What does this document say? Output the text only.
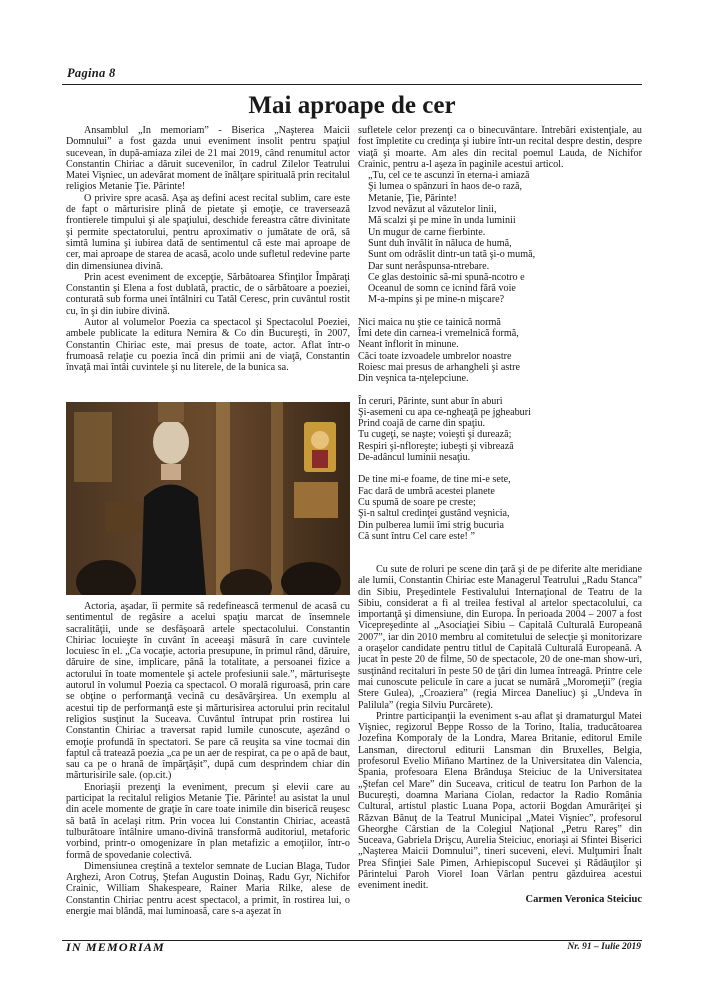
Pagina 8
Mai aproape de cer

Ansamblul „In memoriam” - Biserica „Naşterea Maicii Domnului” a fost gazda unui eveniment insolit pentru spaţiul sucevean, în după-amiaza zilei de 21 mai 2019, când renumitul actor Constantin Chiriac a dăruit sucevenilor, în cadrul Zilelor Teatrului Matei Vişniec, un adevărat moment de înălţare spirituală prin recitalul religios Metanie Ţie. Părinte!

O privire spre acasă. Aşa aş defini acest recital sublim, care este de fapt o mărturisire plină de pietate şi emoţie, ce traversează frontierele timpului şi ale spaţiului, deschide fereastra către divinitate şi permite spectatorului, pentru aproximativ o jumătate de oră, să simtă lumina şi iubirea dată de sentimentul că este mai aproape de cer, mai aproape de starea de acasă, acolo unde sufletul redevine parte din dimensiunea divină.

Prin acest eveniment de excepţie, Sărbătoarea Sfinţilor Împăraţi Constantin şi Elena a fost dublată, practic, de o sărbătoare a poeziei, conturată sub forma unei întâlniri cu Tatăl Ceresc, prin cuvântul rostit cu, în şi din iubire divină.

Autor al volumelor Poezia ca spectacol şi Spectacolul Poeziei, ambele publicate la editura Nemira & Co din Bucureşti, în 2007, Constantin Chiriac este, mai presus de toate, actor. Aflat într-o frumoasă relaţie cu poezia încă din primii ani de viaţă, Constantin învaţă mai întâi cuvintele şi nu literele, de la bunica sa.

Actoria, aşadar, îi permite să redefinească termenul de acasă cu sentimentul de regăsire a acelui spaţiu marcat de însemnele sacralităţii, unde se desfăşoară artele spectacolului. Constantin Chiriac locuieşte în cuvânt în aceeaşi măsură în care cuvintele locuiesc în el. „Ca vocaţie, actoria presupune, în primul rând, dăruire, dăruire de sine, implicare, până la totalitate, a persoanei fizice a actorului în toate momentele şi actele profesiunii sale.”, mărturiseşte autorul în volumul Poezia ca spectacol. O morală riguroasă, prin care se obţine o performanţă vecină cu desăvârşirea. Un exemplu al acestui tip de performanţă este şi mărturisirea actorului prin recitalul religios susţinut la Suceava. Cuvântul întrupat prin rostirea lui Constantin Chiriac a traversat rapid lumile cunoscute, aşezând o emoţie profundă în spectatori. Se pare că reuşita sa vine tocmai din faptul că tratează poezia „ca pe un aer de respirat, ca pe o apă de baut, sau ca pe o hrană de împărţăşit”, după cum desprindem chiar din mărturisirile sale. (op.cit.)

Enoriaşii prezenţi la eveniment, precum şi elevii care au participat la recitalul religios Metanie Ţie. Părinte! au asistat la unul din acele momente de graţie în care toate inimile din biserică reuşesc să bată în acelaşi ritm. Prin vocea lui Constantin Chiriac, această tulburătoare întâlnire umano-divină transformă auditoriul, metaforic vorbind, printr-o omogenizare în plan metafizic a emoţiilor, într-o formă de spovedanie colectivă.

Dimensiunea creştină a textelor semnate de Lucian Blaga, Tudor Arghezi, Aron Cotruş, Ştefan Augustin Doinaş, Radu Gyr, Nichifor Crainic, William Shakespeare, Rainer Maria Rilke, alese de Constantin Chiriac pentru acest spectacol, a primit, în rostirea lui, o energie mai blândă, mai luminoasă, care s-a aşezat în

sufletele celor prezenţi ca o binecuvântare. Întrebări existenţiale, au fost împletite cu credinţa şi iubire într-un recital despre destin, despre viaţă şi moarte. Am ales din recital poemul Lauda, de Nichifor Crainic, pentru a-l aşeza în paginile acestui articol.

„Tu, cel ce te ascunzi în eterna-i amiază
Şi lumea o spânzuri în haos de-o rază,
Metanie, Ţie, Părinte!
Izvod nevăzut al văzutelor linii,
Mă scalzi şi pe mine în unda luminii
Un mugur de carne fierbinte.
Sunt duh învălit în năluca de humă,
Sunt om odrăslit dintr-un tată şi-o mumă,
Dar sunt neråspunsa-ntrebare.
Ce glas destoinic să-mi spună-ncotro e
Oceanul de somn ce icnind fără voie
M-a-mpins şi pe mine-n mişcare?

Nici maica nu ştie ce tainică normă
Îmi dete din carnea-i vremelnică formă,
Neant înflorit în minune.
Căci toate izvoadele umbrelor noastre
Roiesc mai presus de arhangheli şi astre
Din veşnica ta-nţelepciune.

În ceruri, Părinte, sunt abur în aburi
Şi-asemeni cu apa ce-ngheaţă pe jgheaburi
Prind coajă de carne din spaţiu.
Tu cugeţi, se naşte; voieşti şi durează;
Respiri şi-nfloreşte; iubeşti şi vibrează
De-adâncul luminii nesaţiu.

De tine mi-e foame, de tine mi-e sete,
Fac dară de umbră acestei planete
Cu spumă de soare pe creste;
Şi-n saltul credinţei gustând veşnicia,
Din pulberea lumii îmi strig bucuria
Că sunt întru Cel care este! ”

Cu sute de roluri pe scene din ţară şi de pe diferite alte meridiane ale lumii, Constantin Chiriac este Managerul Teatrului „Radu Stanca” din Sibiu, Preşedintele Festivalului Internaţional de Teatru de la Sibiu, considerat a fi al treilea festival al artelor spectacolului, ca importanţă şi dimensiune, din Europa. În perioada 2004 – 2007 a fost Vicepreşedinte al „Asociaţiei Sibiu – Capitală Culturală Europeană 2007”, iar din 2010 membru al comitetului de selecţie şi monitorizare a oraşelor candidate pentru titlul de Capitală Culturală Europeană. A jucat în peste 20 de filme, 50 de spectacole, 20 de one-man show-uri, susţinând recitaluri în peste 50 de ţări din lumea întreagă. Printre cele mai cunoscute pelicule în care a jucat se numără „Moromeţii” (regia Stere Gulea), „Croaziera” (regia Mircea Daneliuc) şi „Undeva în Palilula” (regia Silviu Purcărete).

Printre participanţii la eveniment s-au aflat şi dramaturgul Matei Vişniec, regizorul Beppe Rosso de la Torino, Italia, traducătoarea Jozefina Komporaly de la Londra, Marea Britanie, editorul Emile Lansman, directorul editurii Lansman din Bruxelles, Belgia, profesorul Evelio Miñano Martinez de la Universitatea din Valencia, Spania, profesoara Elena Brânduşa Steiciuc de la Universitatea „Ştefan cel Mare” din Suceava, criticul de teatru Ion Parhon de la Bucureşti, doamna Mariana Ciolan, redactor la Radio România Cultural, artistul plastic Luana Popa, actorii Bogdan Amurăriţei şi Răzvan Bănuţ de la Teatrul Municipal „Matei Vişniec”, profesorul Gheorghe Cârstian de la Colegiul Naţional „Petru Rareş” din Suceava, Gabriela Drişcu, Aurelia Steiciuc, enoriaşi ai Sfintei Biserici „Naşterea Maicii Domnului”, tineri suceveni, elevi. Mulţumiri Înalt Prea Sfinţiei Sale Pimen, Arhiepiscopul Sucevei şi Rădăuţilor şi Părintelui Paroh Viorel Ioan Vârlan pentru găzduirea acestui eveniment inedit.

Carmen Veronica Steiciuc

IN MEMORIAM	Nr. 91 – Iulie 2019
